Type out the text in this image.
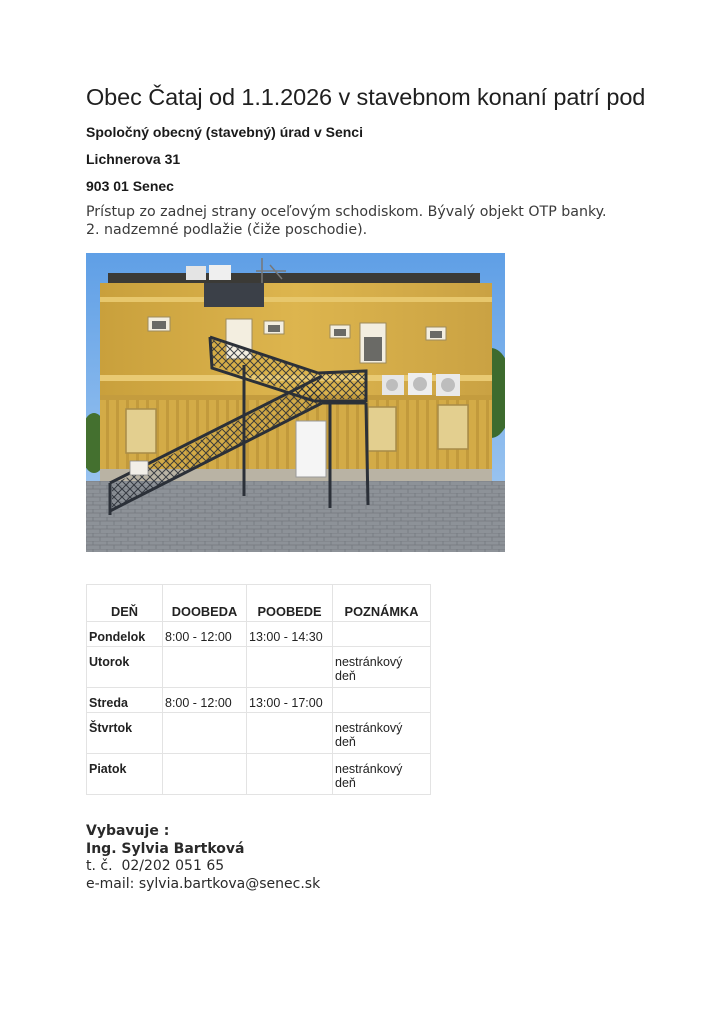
Obec Čataj od 1.1.2026 v stavebnom konaní patrí pod

Spoločný obecný (stavebný) úrad v Senci

Lichnerova 31

903 01 Senec

Prístup zo zadnej strany oceľovým schodiskom. Bývalý objekt OTP banky.
2. nadzemné podlažie (čiže poschodie).
DEŇ	DOOBEDA	POOBEDE	POZNÁMKA
Pondelok	8:00 - 12:00	13:00 - 14:30	

Utorok			nestránkový
deň

Streda	8:00 - 12:00	13:00 - 17:00	

Štvrtok			nestránkový
deň

Piatok			nestránkový
deň
Vybavuje :
Ing. Sylvia Bartková
t. č.  02/202 051 65
e-mail: sylvia.bartkova@senec.sk
